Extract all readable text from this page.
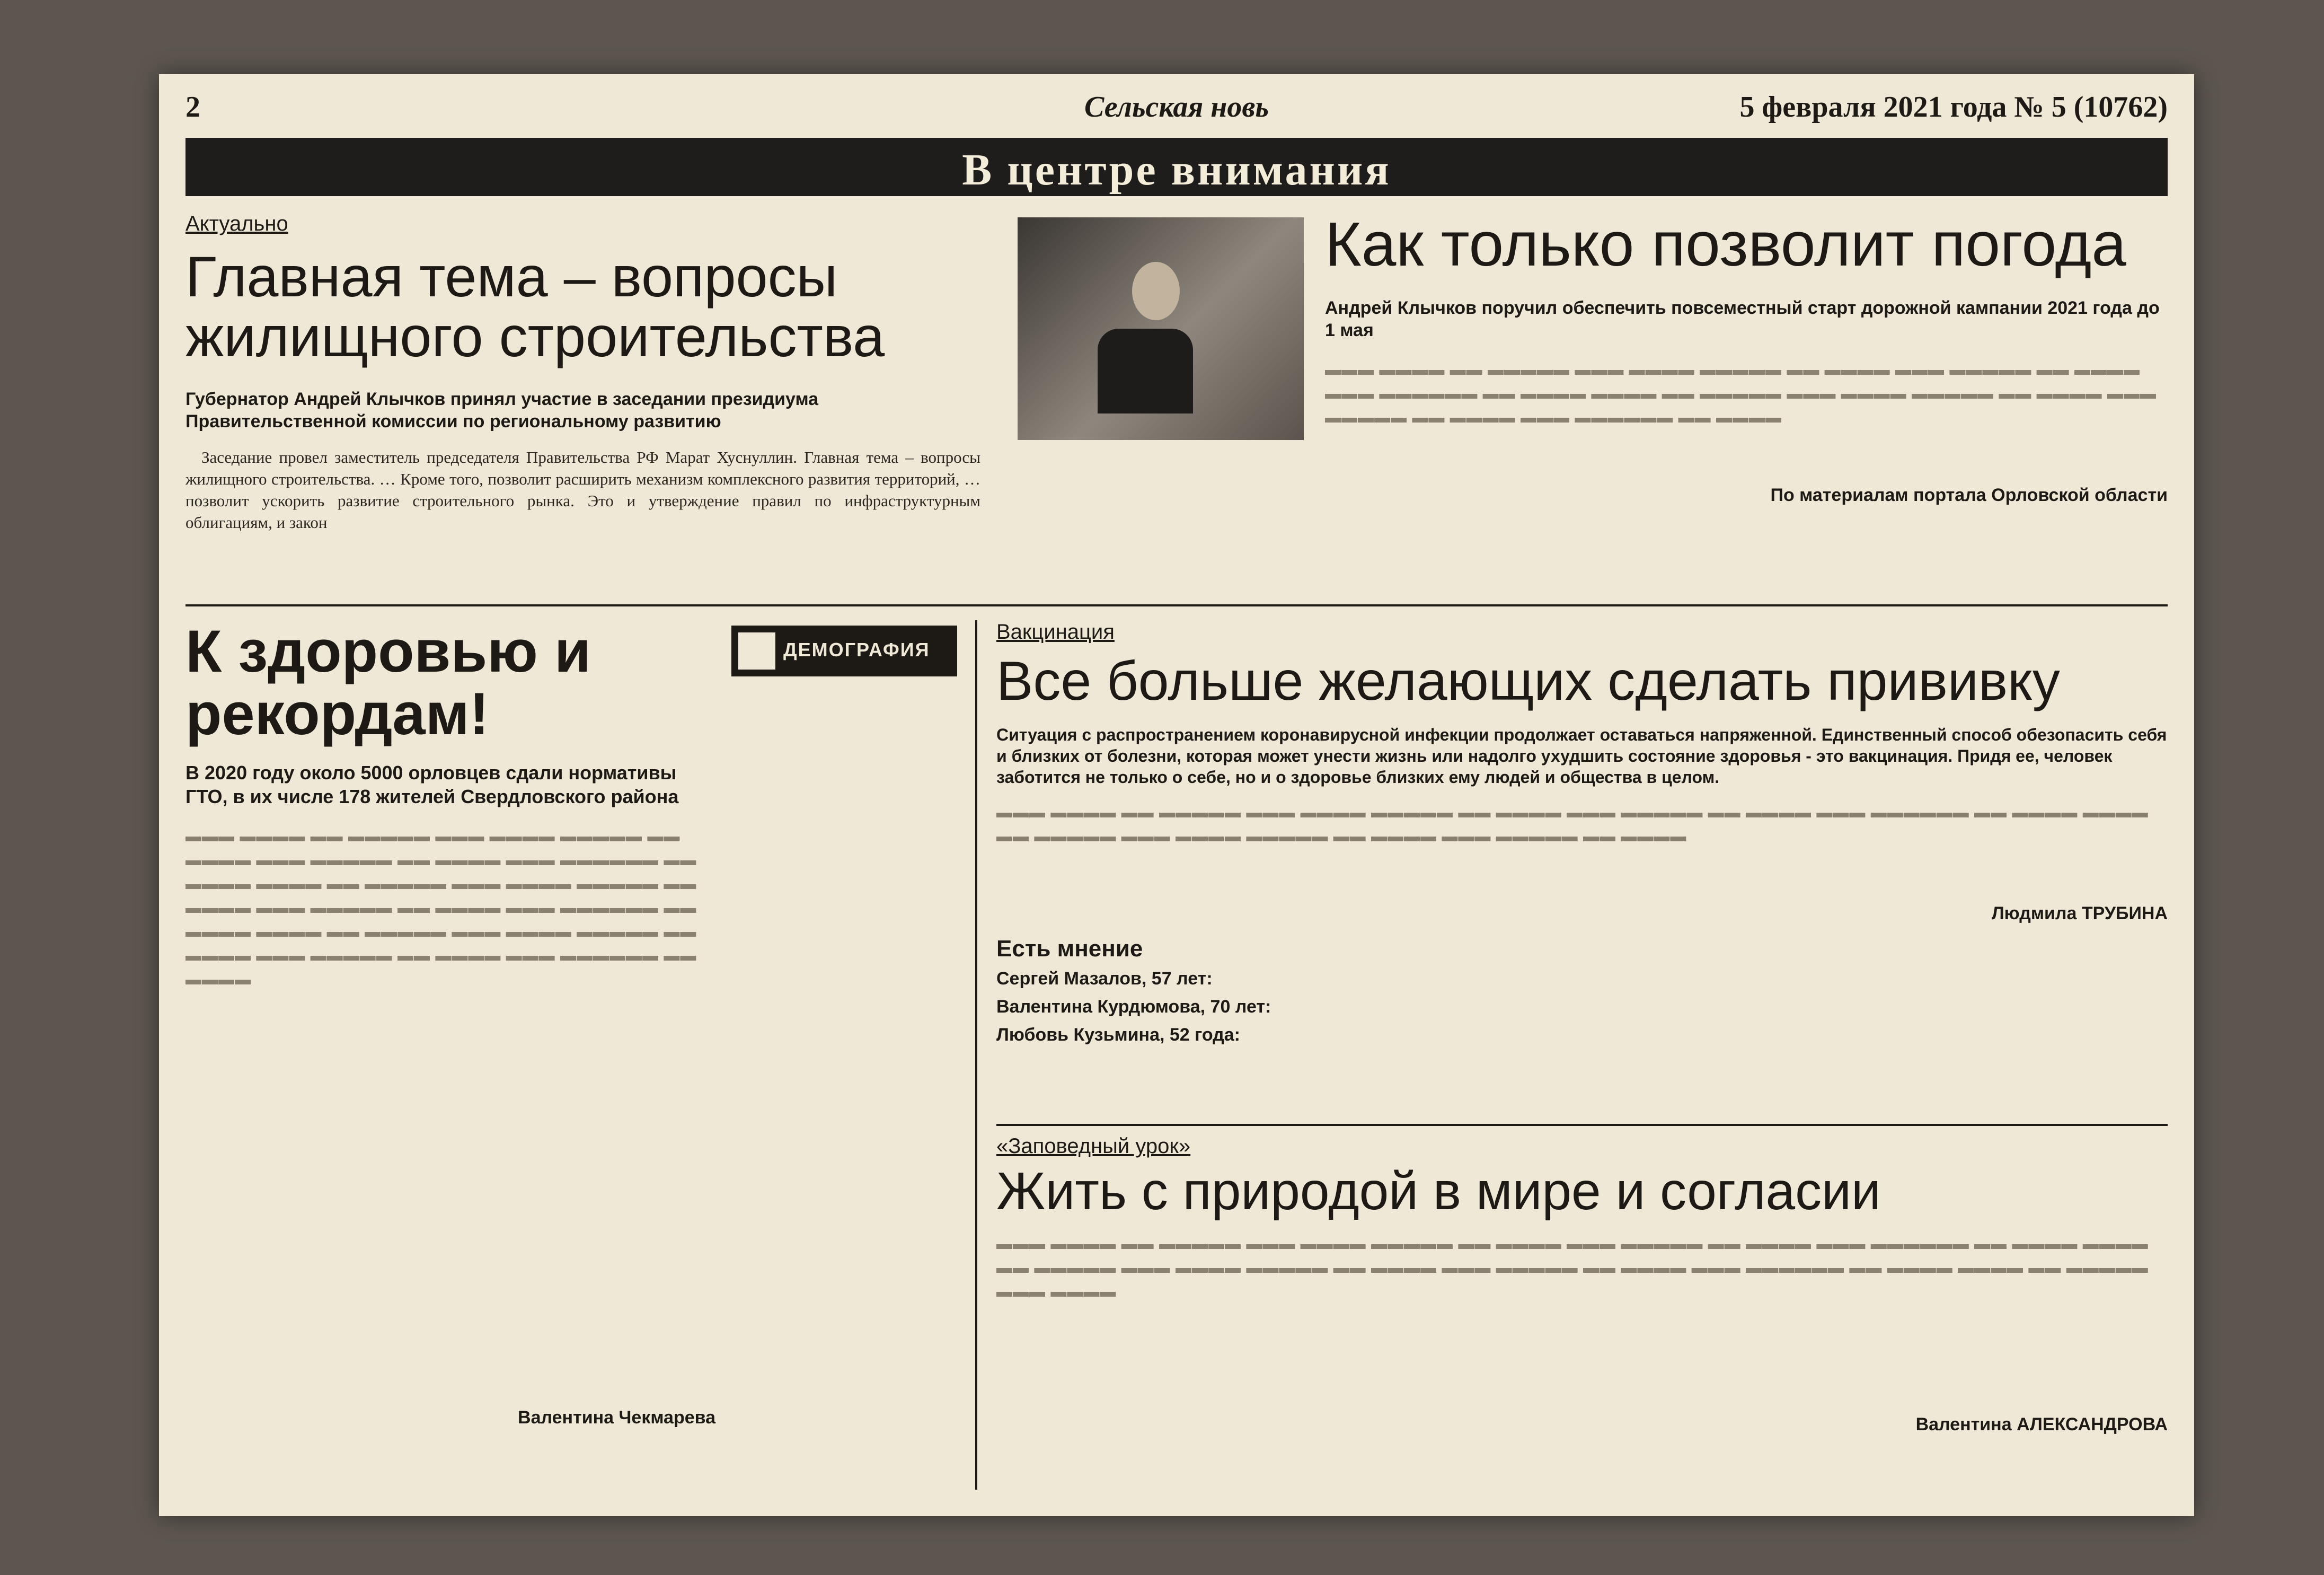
2	Сельская новь	5 февраля 2021 года № 5 (10762)
В центре внимания
Актуально
Главная тема – вопросы жилищного строительства
Губернатор Андрей Клычков принял участие в заседании президиума Правительственной комиссии по региональному развитию

Заседание провел заместитель председателя Правительства РФ Марат Хуснуллин. Главная тема – вопросы жилищного строительства. … Кроме того, позволит расширить механизм комплексного развития территорий, … позволит ускорить развитие строительного рынка. Это и утверждение правил по инфраструктурным облигациям, и закон

Как только позволит погода
Андрей Клычков поручил обеспечить повсеместный старт дорожной кампании 2021 года до 1 мая
▬▬▬ ▬▬▬▬ ▬▬ ▬▬▬▬▬ ▬▬▬ ▬▬▬▬ ▬▬▬▬▬ ▬▬ ▬▬▬▬ ▬▬▬ ▬▬▬▬▬ ▬▬ ▬▬▬▬ ▬▬▬ ▬▬▬▬▬▬ ▬▬ ▬▬▬▬ ▬▬▬▬ ▬▬ ▬▬▬▬▬ ▬▬▬ ▬▬▬▬ ▬▬▬▬▬ ▬▬ ▬▬▬▬ ▬▬▬ ▬▬▬▬▬ ▬▬ ▬▬▬▬ ▬▬▬ ▬▬▬▬▬▬ ▬▬ ▬▬▬▬
По материалам портала Орловской области
К здоровью и рекордам!
В 2020 году около 5000 орловцев сдали нормативы ГТО, в их числе 178 жителей Свердловского района
▬▬▬ ▬▬▬▬ ▬▬ ▬▬▬▬▬ ▬▬▬ ▬▬▬▬ ▬▬▬▬▬ ▬▬ ▬▬▬▬ ▬▬▬ ▬▬▬▬▬ ▬▬ ▬▬▬▬ ▬▬▬ ▬▬▬▬▬▬ ▬▬ ▬▬▬▬ ▬▬▬▬ ▬▬ ▬▬▬▬▬ ▬▬▬ ▬▬▬▬ ▬▬▬▬▬ ▬▬ ▬▬▬▬ ▬▬▬ ▬▬▬▬▬ ▬▬ ▬▬▬▬ ▬▬▬ ▬▬▬▬▬▬ ▬▬ ▬▬▬▬ ▬▬▬▬ ▬▬ ▬▬▬▬▬ ▬▬▬ ▬▬▬▬ ▬▬▬▬▬ ▬▬ ▬▬▬▬ ▬▬▬ ▬▬▬▬▬ ▬▬ ▬▬▬▬ ▬▬▬ ▬▬▬▬▬▬ ▬▬ ▬▬▬▬
Валентина Чекмарева
ДЕМОГРАФИЯ
Вакцинация
Все больше желающих сделать прививку
Ситуация с распространением коронавирусной инфекции продолжает оставаться напряженной. Единственный способ обезопасить себя и близких от болезни, которая может унести жизнь или надолго ухудшить состояние здоровья - это вакцинация. Придя ее, человек заботится не только о себе, но и о здоровье близких ему людей и общества в целом.
▬▬▬ ▬▬▬▬ ▬▬ ▬▬▬▬▬ ▬▬▬ ▬▬▬▬ ▬▬▬▬▬ ▬▬ ▬▬▬▬ ▬▬▬ ▬▬▬▬▬ ▬▬ ▬▬▬▬ ▬▬▬ ▬▬▬▬▬▬ ▬▬ ▬▬▬▬ ▬▬▬▬ ▬▬ ▬▬▬▬▬ ▬▬▬ ▬▬▬▬ ▬▬▬▬▬ ▬▬ ▬▬▬▬ ▬▬▬ ▬▬▬▬▬ ▬▬ ▬▬▬▬
Людмила ТРУБИНА
Есть мнение
Сергей Мазалов, 57 лет:
Валентина Курдюмова, 70 лет:
Любовь Кузьмина, 52 года:
«Заповедный урок»
Жить с природой в мире и согласии
▬▬▬ ▬▬▬▬ ▬▬ ▬▬▬▬▬ ▬▬▬ ▬▬▬▬ ▬▬▬▬▬ ▬▬ ▬▬▬▬ ▬▬▬ ▬▬▬▬▬ ▬▬ ▬▬▬▬ ▬▬▬ ▬▬▬▬▬▬ ▬▬ ▬▬▬▬ ▬▬▬▬ ▬▬ ▬▬▬▬▬ ▬▬▬ ▬▬▬▬ ▬▬▬▬▬ ▬▬ ▬▬▬▬ ▬▬▬ ▬▬▬▬▬ ▬▬ ▬▬▬▬ ▬▬▬ ▬▬▬▬▬▬ ▬▬ ▬▬▬▬ ▬▬▬▬ ▬▬ ▬▬▬▬▬ ▬▬▬ ▬▬▬▬
Валентина АЛЕКСАНДРОВА
